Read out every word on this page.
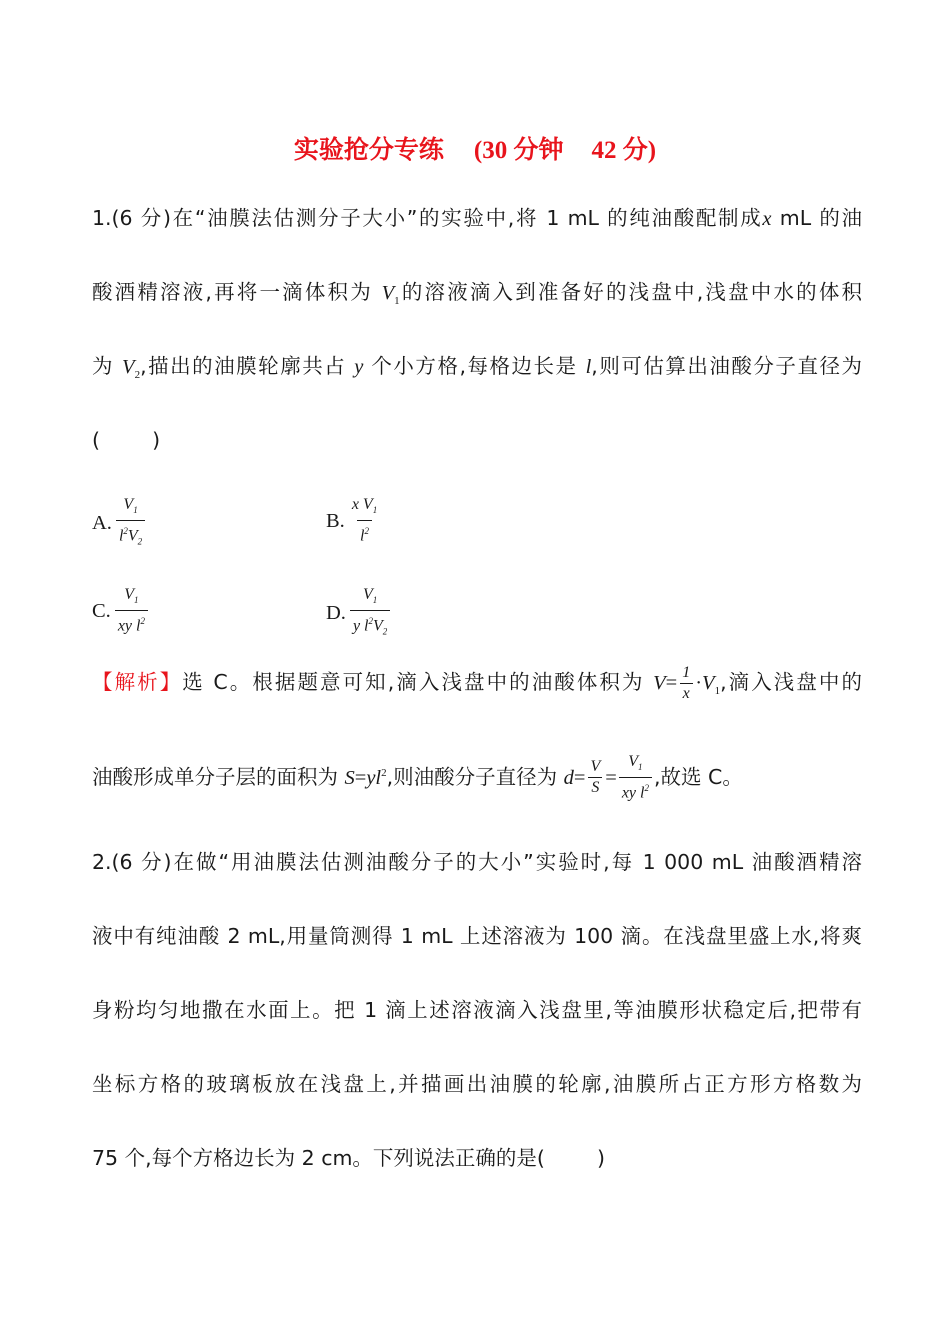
实验抢分专练 (30 分钟 42 分)
1.(6 分)在“油膜法估测分子大小”的实验中,将 1 mL 的纯油酸配制成x mL 的油
酸酒精溶液,再将一滴体积为 $V_1$的溶液滴入到准备好的浅盘中,浅盘中水的体积
为 $V_2$,描出的油膜轮廓共占 y 个小方格,每格边长是 l,则可估算出油酸分子直径为
(        )
A. $\frac{V_1}{l^2V_2}$	B. $\frac{x V_1}{l^2}$
C. $\frac{V_1}{xy l^2}$	D. $\frac{V_1}{y l^2V_2}$
【解析】选 C。根据题意可知,滴入浅盘中的油酸体积为 $V= \frac{1}{x} \cdot V_1$,滴入浅盘中的
油酸形成单分子层的面积为 $S=yl^2$,则油酸分子直径为 $d= \frac{V}{S} = \frac{V_1}{xy l^2}$ ,故选 C。
2.(6 分)在做“用油膜法估测油酸分子的大小”实验时,每 1 000 mL 油酸酒精溶
液中有纯油酸 2 mL,用量筒测得 1 mL 上述溶液为 100 滴。在浅盘里盛上水,将爽
身粉均匀地撒在水面上。把 1 滴上述溶液滴入浅盘里,等油膜形状稳定后,把带有
坐标方格的玻璃板放在浅盘上,并描画出油膜的轮廓,油膜所占正方形方格数为
75 个,每个方格边长为 2 cm。下列说法正确的是(        )
